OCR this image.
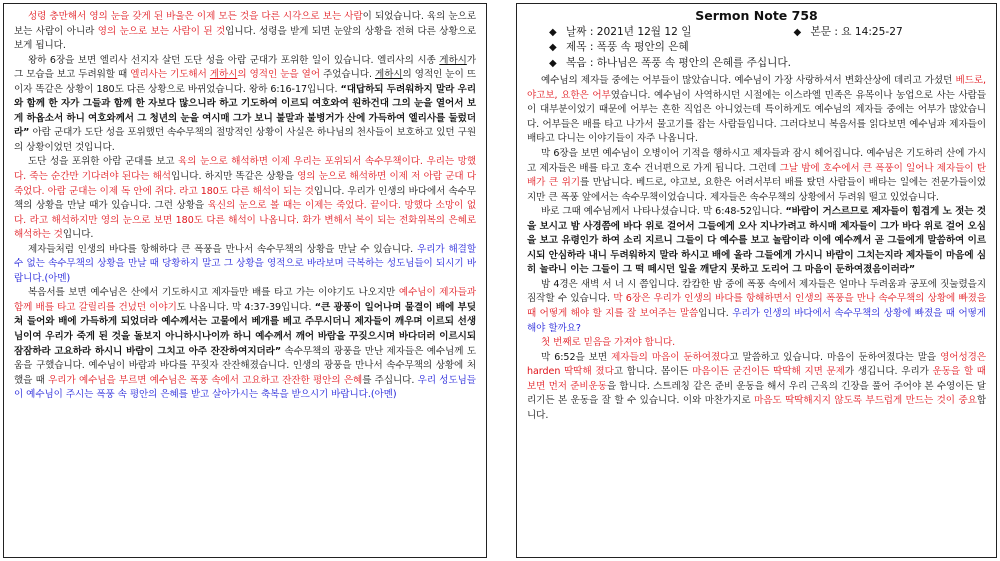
성령 충만해서 영의 눈을 갖게 된 바울은 이제 모든 것을 다른 시각으로 보는 사람이 되었습니다. 육의 눈으로 보는 사람이 아니라 영의 눈으로 보는 사람이 된 것입니다. 성령을 받게 되면 눈앞의 상황을 전혀 다른 상황으로 보게 됩니다.

왕하 6장을 보면 엘리사 선지자 살던 도단 성을 아람 군대가 포위한 일이 있습니다. 엘리사의 시종 게하시가 그 모습을 보고 두려워할 때 엘리사는 기도해서 게하시의 영적인 눈을 열어 주었습니다. 게하시의 영적인 눈이 뜨이자 똑같은 상황이 180도 다른 상황으로 바뀌었습니다. 왕하 6:16-17입니다. “대답하되 두려워하지 말라 우리와 함께 한 자가 그들과 함께 한 자보다 많으니라 하고 기도하여 이르되 여호와여 원하건대 그의 눈을 열어서 보게 하옵소서 하니 여호와께서 그 청년의 눈을 여시매 그가 보니 불말과 불병거가 산에 가득하여 엘리사를 둘렀더라” 아람 군대가 도단 성을 포위했던 속수무책의 절망적인 상황이 사실은 하나님의 천사들이 보호하고 있던 구원의 상황이었던 것입니다.

도단 성을 포위한 아람 군대를 보고 육의 눈으로 해석하면 이제 우리는 포위되서 속수무책이다. 우리는 망했다. 죽는 순간만 기다려야 된다는 해석입니다. 하지만 똑같은 상황을 영의 눈으로 해석하면 이제 저 아람 군대 다 죽었다. 아람 군대는 이제 독 안에 쥐다. 라고 180도 다른 해석이 되는 것입니다. 우리가 인생의 바다에서 속수무책의 상황을 만날 때가 있습니다. 그런 상황을 육신의 눈으로 볼 때는 이제는 죽었다. 끝이다. 망했다 소망이 없다. 라고 해석하지만 영의 눈으로 보면 180도 다른 해석이 나옵니다. 화가 변해서 복이 되는 전화위복의 은혜로 해석하는 것입니다.

제자들처럼 인생의 바다를 항해하다 큰 폭풍을 만나서 속수무책의 상황을 만날 수 있습니다. 우리가 해결할 수 없는 속수무책의 상황을 만날 때 당황하지 말고 그 상황을 영적으로 바라보며 극복하는 성도님들이 되시기 바랍니다.(아멘)

복음서를 보면 예수님은 산에서 기도하시고 제자들만 배를 타고 가는 이야기도 나오지만 예수님이 제자들과 함께 배를 타고 갈릴리를 건넜던 이야기도 나옵니다. 막 4:37-39입니다. “큰 광풍이 일어나며 물결이 배에 부딪쳐 들어와 배에 가득하게 되었더라 예수께서는 고물에서 베개를 베고 주무시더니 제자들이 깨우며 이르되 선생님이여 우리가 죽게 된 것을 돌보지 아니하시나이까 하니 예수께서 깨어 바람을 꾸짖으시며 바다더러 이르시되 잠잠하라 고요하라 하시니 바람이 그치고 아주 잔잔하여지더라” 속수무책의 광풍을 만난 제자들은 예수님께 도움을 구했습니다. 예수님이 바람과 바다를 꾸짖자 잔잔해졌습니다. 인생의 광풍을 만나서 속수무책의 상황에 처했을 때 우리가 예수님을 부르면 예수님은 폭풍 속에서 고요하고 잔잔한 평안의 은혜를 주십니다. 우리 성도님들이 예수님이 주시는 폭풍 속 평안의 은혜를 받고 살아가시는 축복을 받으시기 바랍니다.(아멘)

Sermon Note 758
◆ 날짜 : 2021년 12월 12 일	◆ 본문 : 요 14:25-27
◆ 제목 : 폭풍 속 평안의 은혜
◆ 복음 : 하나님은 폭풍 속 평안의 은혜를 주십니다.

예수님의 제자들 중에는 어부들이 많았습니다. 예수님이 가장 사랑하셔서 변화산상에 데리고 가셨던 베드로, 야고보, 요한은 어부였습니다. 예수님이 사역하시던 시절에는 이스라엘 민족은 유목이나 농업으로 사는 사람들이 대부분이었기 때문에 어부는 흔한 직업은 아니었는데 특이하게도 예수님의 제자들 중에는 어부가 많았습니다. 어부들은 배를 타고 나가서 물고기를 잡는 사람들입니다. 그러다보니 복음서를 읽다보면 예수님과 제자들이 배타고 다니는 이야기들이 자주 나옵니다.

막 6장을 보면 예수님이 오병이어 기적을 행하시고 제자들과 잠시 헤어집니다. 예수님은 기도하러 산에 가시고 제자들은 배를 타고 호수 건너편으로 가게 됩니다. 그런데 그날 밤에 호수에서 큰 폭풍이 일어나 제자들이 탄 배가 큰 위기를 만납니다. 베드로, 야고보, 요한은 어려서부터 배를 탔던 사람들이 배타는 일에는 전문가들이었지만 큰 폭풍 앞에서는 속수무책이었습니다. 제자들은 속수무책의 상황에서 두려워 떨고 있었습니다.

바로 그때 예수님께서 나타나셨습니다. 막 6:48-52입니다. “바람이 거스르므로 제자들이 힘겹게 노 젓는 것을 보시고 밤 사경쯤에 바다 위로 걸어서 그들에게 오사 지나가려고 하시매 제자들이 그가 바다 위로 걸어 오심을 보고 유령인가 하여 소리 지르니 그들이 다 예수를 보고 놀람이라 이에 예수께서 곧 그들에게 말씀하여 이르시되 안심하라 내니 두려워하지 말라 하시고 배에 올라 그들에게 가시니 바람이 그치는지라 제자들이 마음에 심히 놀라니 이는 그들이 그 떡 떼시던 일을 깨닫지 못하고 도리어 그 마음이 둔하여졌음이러라”

밤 4경은 새벽 서 너 시 쯤입니다. 캄캄한 밤 중에 폭풍 속에서 제자들은 얼마나 두려움과 공포에 짓눌렸을지 짐작할 수 있습니다. 막 6장은 우리가 인생의 바다를 항해하면서 인생의 폭풍을 만나 속수무책의 상황에 빠졌을 때 어떻게 해야 할 지를 잘 보여주는 말씀입니다. 우리가 인생의 바다에서 속수무책의 상황에 빠졌을 때 어떻게 해야 할까요?

첫 번째로 믿음을 가져야 합니다.

막 6:52을 보면 제자들의 마음이 둔하여졌다고 말씀하고 있습니다. 마음이 둔하여졌다는 말을 영어성경은 harden 딱딱해 졌다고 합니다. 몸이든 마음이든 굳건이든 딱딱해 지면 문제가 생깁니다. 우리가 운동을 할 때 보면 먼저 준비운동을 합니다. 스트레칭 같은 준비 운동을 해서 우리 근육의 긴장을 풀어 주어야 본 수영이든 달리기든 본 운동을 잘 할 수 있습니다. 이와 마찬가지로 마음도 딱딱해지지 않도록 부드럽게 만드는 것이 중요합니다.
